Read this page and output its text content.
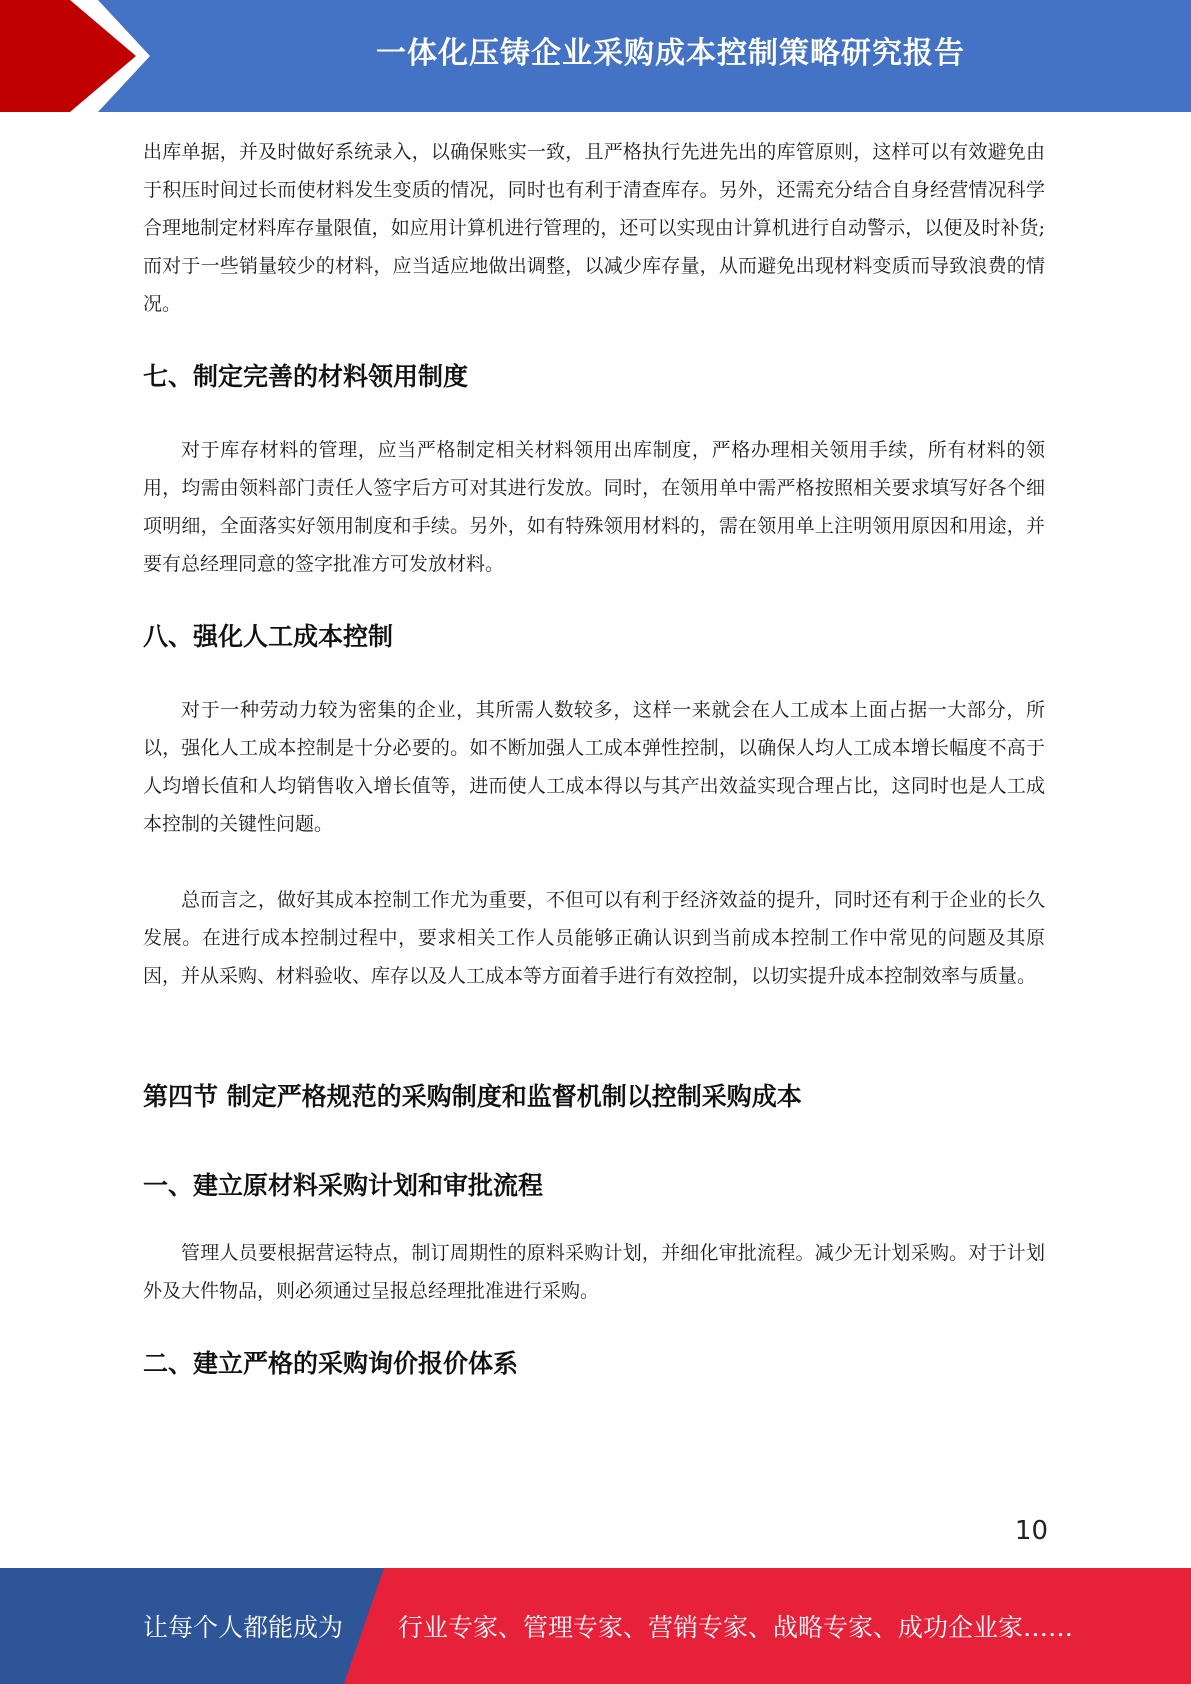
一体化压铸企业采购成本控制策略研究报告

出库单据，并及时做好系统录入，以确保账实一致，且严格执行先进先出的库管原则，这样可以有效避免由于积压时间过长而使材料发生变质的情况，同时也有利于清查库存。另外，还需充分结合自身经营情况科学合理地制定材料库存量限值，如应用计算机进行管理的，还可以实现由计算机进行自动警示，以便及时补货;而对于一些销量较少的材料，应当适应地做出调整，以减少库存量，从而避免出现材料变质而导致浪费的情况。

七、制定完善的材料领用制度

对于库存材料的管理，应当严格制定相关材料领用出库制度，严格办理相关领用手续，所有材料的领用，均需由领料部门责任人签字后方可对其进行发放。同时，在领用单中需严格按照相关要求填写好各个细项明细，全面落实好领用制度和手续。另外，如有特殊领用材料的，需在领用单上注明领用原因和用途，并要有总经理同意的签字批准方可发放材料。

八、强化人工成本控制

对于一种劳动力较为密集的企业，其所需人数较多，这样一来就会在人工成本上面占据一大部分，所以，强化人工成本控制是十分必要的。如不断加强人工成本弹性控制，以确保人均人工成本增长幅度不高于人均增长值和人均销售收入增长值等，进而使人工成本得以与其产出效益实现合理占比，这同时也是人工成本控制的关键性问题。

总而言之，做好其成本控制工作尤为重要，不但可以有利于经济效益的提升，同时还有利于企业的长久发展。在进行成本控制过程中，要求相关工作人员能够正确认识到当前成本控制工作中常见的问题及其原因，并从采购、材料验收、库存以及人工成本等方面着手进行有效控制，以切实提升成本控制效率与质量。

第四节 制定严格规范的采购制度和监督机制以控制采购成本
一、建立原材料采购计划和审批流程

管理人员要根据营运特点，制订周期性的原料采购计划，并细化审批流程。减少无计划采购。对于计划外及大件物品，则必须通过呈报总经理批准进行采购。

二、建立严格的采购询价报价体系
10
让每个人都能成为 行业专家、管理专家、营销专家、战略专家、成功企业家……
